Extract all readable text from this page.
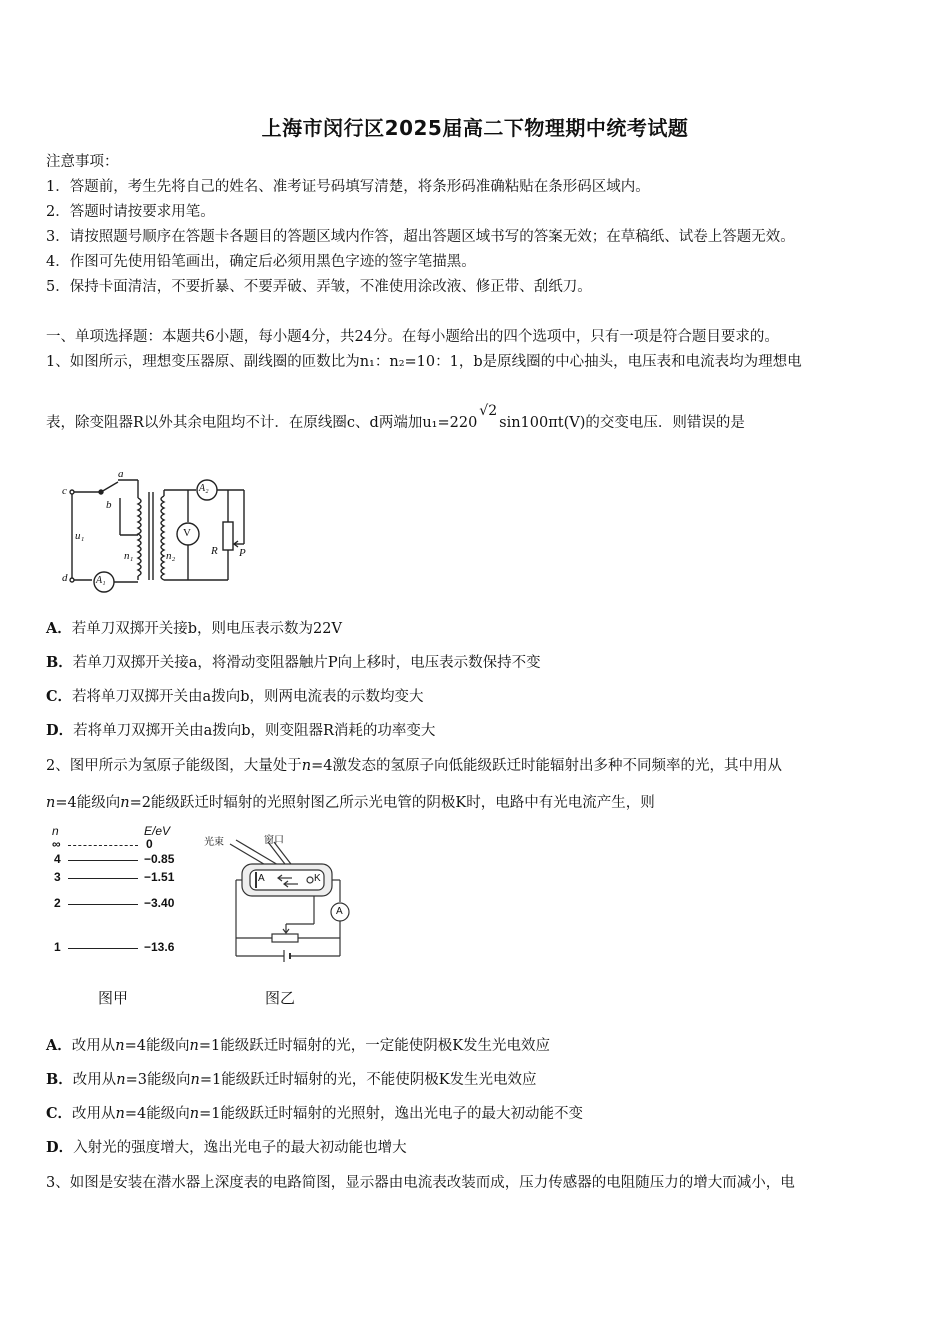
上海市闵行区2025届高二下物理期中统考试题
注意事项：
1．答题前，考生先将自己的姓名、准考证号码填写清楚，将条形码准确粘贴在条形码区域内。
2．答题时请按要求用笔。
3．请按照题号顺序在答题卡各题目的答题区域内作答，超出答题区域书写的答案无效；在草稿纸、试卷上答题无效。
4．作图可先使用铅笔画出，确定后必须用黑色字迹的签字笔描黑。
5．保持卡面清洁，不要折暴、不要弄破、弄皱，不准使用涂改液、修正带、刮纸刀。
一、单项选择题：本题共6小题，每小题4分，共24分。在每小题给出的四个选项中，只有一项是符合题目要求的。
1、如图所示，理想变压器原、副线圈的匝数比为n₁：n₂=10：1，b是原线圈的中心抽头，电压表和电流表均为理想电
表，除变阻器R以外其余电阻均不计．在原线圈c、d两端加u₁=220√2sin100πt(V)的交变电压．则错误的是
c
a
b
d
u₁
n₁	n₂
A₁
A₂
V
R P
A．若单刀双掷开关接b，则电压表示数为22V
B．若单刀双掷开关接a，将滑动变阻器触片P向上移时，电压表示数保持不变
C．若将单刀双掷开关由a拨向b，则两电流表的示数均变大
D．若将单刀双掷开关由a拨向b，则变阻器R消耗的功率变大
2、图甲所示为氢原子能级图，大量处于n=4激发态的氢原子向低能级跃迁时能辐射出多种不同频率的光，其中用从
n=4能级向n=2能级跃迁时辐射的光照射图乙所示光电管的阴极K时，电路中有光电流产生，则
n	E/eV
∞	0
4	−0.85
3	−1.51
2	−3.40
1	−13.6
光束	窗口
A	K
A
图甲	图乙
A．改用从n=4能级向n=1能级跃迁时辐射的光，一定能使阴极K发生光电效应
B．改用从n=3能级向n=1能级跃迁时辐射的光，不能使阴极K发生光电效应
C．改用从n=4能级向n=1能级跃迁时辐射的光照射，逸出光电子的最大初动能不变
D．入射光的强度增大，逸出光电子的最大初动能也增大
3、如图是安装在潜水器上深度表的电路简图，显示器由电流表改装而成，压力传感器的电阻随压力的增大而减小，电
